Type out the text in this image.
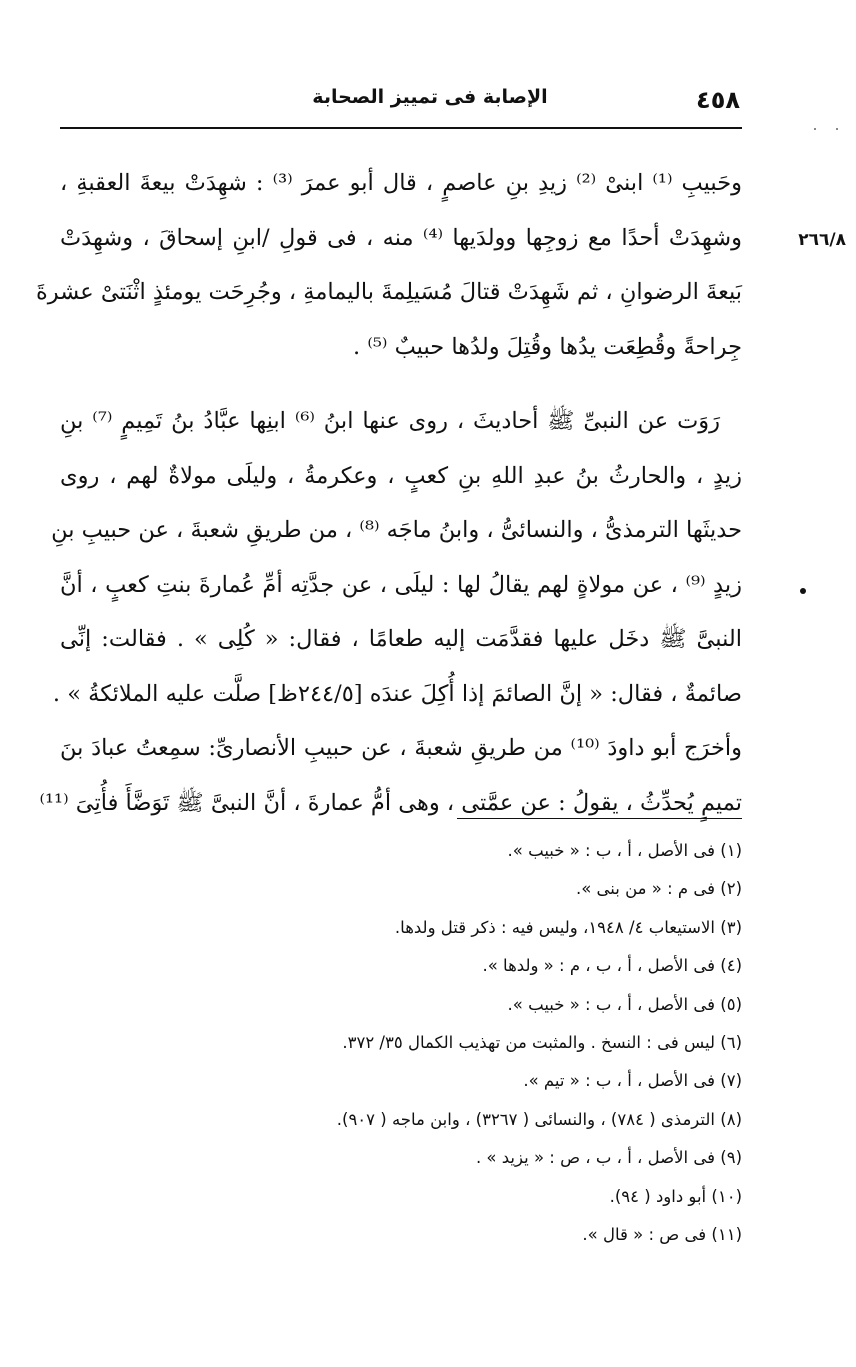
٤٥٨
الإصابة فى تمييز الصحابة
٢٦٦/٨
وحَبيبِ ⁽¹⁾ ابنىْ ⁽²⁾ زيدِ بنِ عاصمٍ ، قال أبو عمرَ ⁽³⁾ : شهِدَتْ بيعةَ العقبةِ ،
وشهِدَتْ أحدًا مع زوجِها وولدَيها ⁽⁴⁾ منه ، فى قولِ /ابنِ إسحاقَ ، وشهِدَتْ
بَيعةَ الرضوانِ ، ثم شَهِدَتْ قتالَ مُسَيلِمةَ باليمامةِ ، وجُرِحَت يومئذٍ اثْنَتىْ عشرةَ
جِراحةً وقُطِعَت يدُها وقُتِلَ ولدُها حبيبٌ ⁽⁵⁾ .
رَوَت عن النبىِّ ﷺ أحاديثَ ، روى عنها ابنُ ⁽⁶⁾ ابنِها عبَّادُ بنُ تَمِيمٍ ⁽⁷⁾ بنِ
زيدٍ ، والحارثُ بنُ عبدِ اللهِ بنِ كعبٍ ، وعكرمةُ ، وليلَى مولاةٌ لهم ، روى
حديثَها الترمذىُّ ، والنسائىُّ ، وابنُ ماجَه ⁽⁸⁾ ، من طريقِ شعبةَ ، عن حبيبِ بنِ
زيدٍ ⁽⁹⁾ ، عن مولاةٍ لهم يقالُ لها : ليلَى ، عن جدَّتِه أمِّ عُمارةَ بنتِ كعبٍ ، أنَّ
النبىَّ ﷺ دخَل عليها فقدَّمَت إليه طعامًا ، فقال: « كُلِى » . فقالت: إنِّى
صائمةٌ ، فقال: « إنَّ الصائمَ إذا أُكِلَ عندَه [٢٤٤/٥ظ] صلَّت عليه الملائكةُ » .
وأخرَج أبو داودَ ⁽¹⁰⁾ من طريقِ شعبةَ ، عن حبيبِ الأنصارىِّ: سمِعتُ عبادَ بنَ
تميمٍ يُحدِّثُ ، يقولُ : عن عمَّتى ، وهى أمُّ عمارةَ ، أنَّ النبىَّ ﷺ تَوَضَّأَ فأُتِىَ ⁽¹¹⁾
(١) فى الأصل ، أ ، ب : « خبيب ».
(٢) فى م : « من بنى ».
(٣) الاستيعاب ٤/ ١٩٤٨، وليس فيه : ذكر قتل ولدها.
(٤) فى الأصل ، أ ، ب ، م : « ولدها ».
(٥) فى الأصل ، أ ، ب : « خبيب ».
(٦) ليس فى : النسخ . والمثبت من تهذيب الكمال ٣٥/ ٣٧٢.
(٧) فى الأصل ، أ ، ب : « تيم ».
(٨) الترمذى ( ٧٨٤) ، والنسائى ( ٣٢٦٧) ، وابن ماجه ( ٩٠٧).
(٩) فى الأصل ، أ ، ب ، ص : « يزيد » .
(١٠) أبو داود ( ٩٤).
(١١) فى ص : « قال ».
